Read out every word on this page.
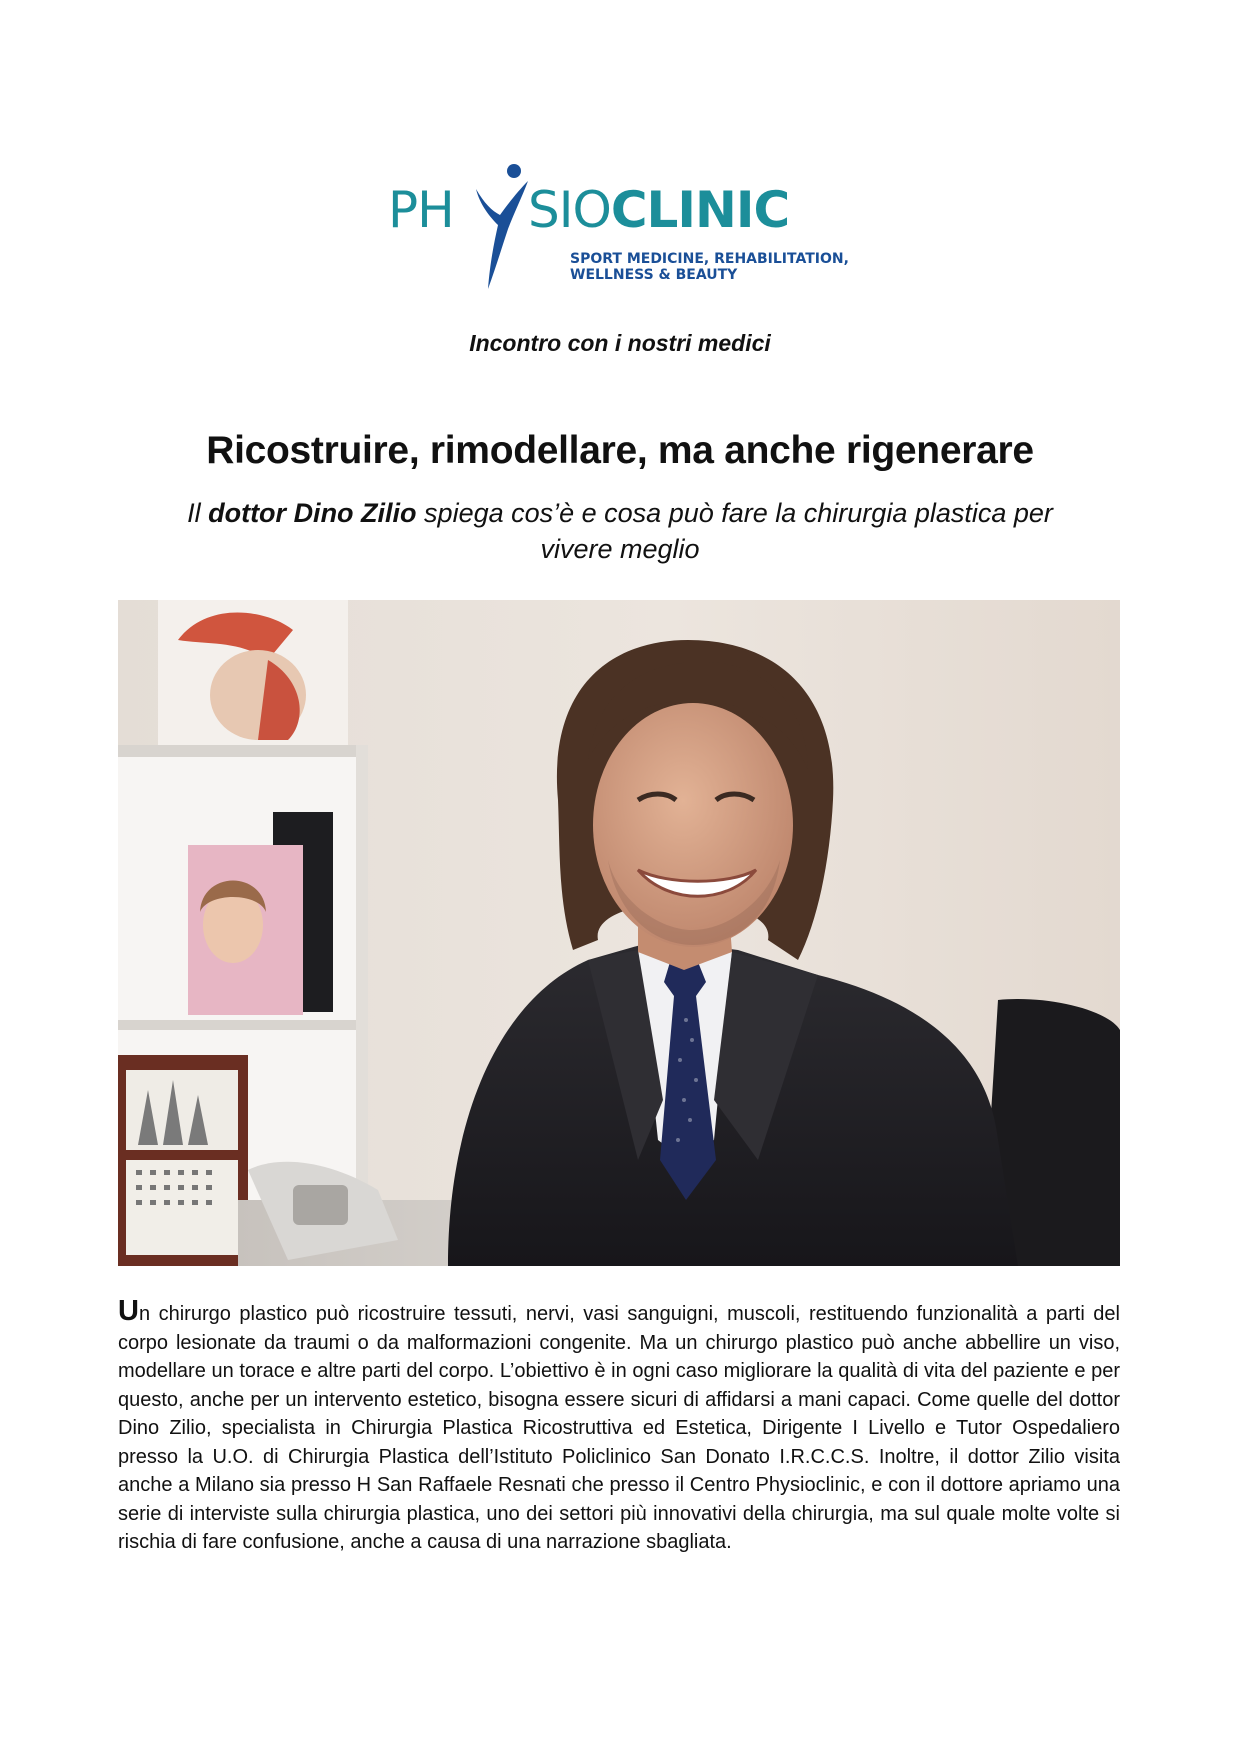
PH SIOCLINIC
SPORT MEDICINE, REHABILITATION,
WELLNESS & BEAUTY
Incontro con i nostri medici
Ricostruire, rimodellare, ma anche rigenerare
Il dottor Dino Zilio spiega cos’è e cosa può fare la chirurgia plastica per vivere meglio

Un chirurgo plastico può ricostruire tessuti, nervi, vasi sanguigni, muscoli, restituendo funzionalità a parti del corpo lesionate da traumi o da malformazioni congenite. Ma un chirurgo plastico può anche abbellire un viso, modellare un torace e altre parti del corpo. L’obiettivo è in ogni caso migliorare la qualità di vita del paziente e per questo, anche per un intervento estetico, bisogna essere sicuri di affidarsi a mani capaci. Come quelle del dottor Dino Zilio, specialista in Chirurgia Plastica Ricostruttiva ed Estetica, Dirigente I Livello e Tutor Ospedaliero presso la U.O. di Chirurgia Plastica dell’Istituto Policlinico San Donato I.R.C.C.S. Inoltre, il dottor Zilio visita anche a Milano sia presso H San Raffaele Resnati che presso il Centro Physioclinic, e con il dottore apriamo una serie di interviste sulla chirurgia plastica, uno dei settori più innovativi della chirurgia, ma sul quale molte volte si rischia di fare confusione, anche a causa di una narrazione sbagliata.
